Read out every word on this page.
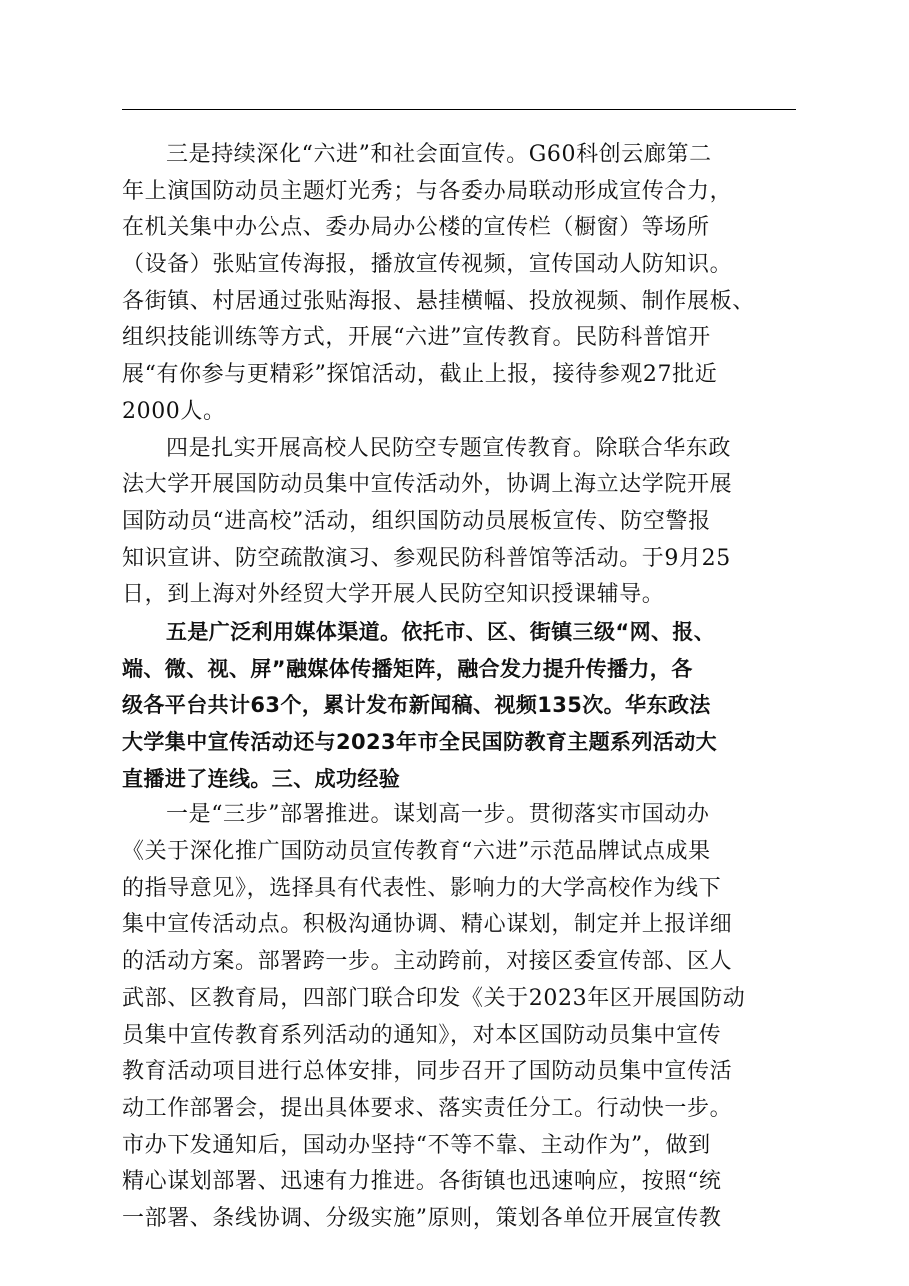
三是持续深化“六进”和社会面宣传。G60科创云廊第二
年上演国防动员主题灯光秀；与各委办局联动形成宣传合力，
在机关集中办公点、委办局办公楼的宣传栏（橱窗）等场所
（设备）张贴宣传海报，播放宣传视频，宣传国动人防知识。
各街镇、村居通过张贴海报、悬挂横幅、投放视频、制作展板、
组织技能训练等方式，开展“六进”宣传教育。民防科普馆开
展“有你参与更精彩”探馆活动，截止上报，接待参观27批近
2000人。
四是扎实开展高校人民防空专题宣传教育。除联合华东政
法大学开展国防动员集中宣传活动外，协调上海立达学院开展
国防动员“进高校”活动，组织国防动员展板宣传、防空警报
知识宣讲、防空疏散演习、参观民防科普馆等活动。于9月25
日，到上海对外经贸大学开展人民防空知识授课辅导。
五是广泛利用媒体渠道。依托市、区、街镇三级“网、报、
端、微、视、屏”融媒体传播矩阵，融合发力提升传播力，各
级各平台共计63个，累计发布新闻稿、视频135次。华东政法
大学集中宣传活动还与2023年市全民国防教育主题系列活动大
直播进了连线。三、成功经验
一是“三步”部署推进。谋划高一步。贯彻落实市国动办
《关于深化推广国防动员宣传教育“六进”示范品牌试点成果
的指导意见》，选择具有代表性、影响力的大学高校作为线下
集中宣传活动点。积极沟通协调、精心谋划，制定并上报详细
的活动方案。部署跨一步。主动跨前，对接区委宣传部、区人
武部、区教育局，四部门联合印发《关于2023年区开展国防动
员集中宣传教育系列活动的通知》，对本区国防动员集中宣传
教育活动项目进行总体安排，同步召开了国防动员集中宣传活
动工作部署会，提出具体要求、落实责任分工。行动快一步。
市办下发通知后，国动办坚持“不等不靠、主动作为”，做到
精心谋划部署、迅速有力推进。各街镇也迅速响应，按照“统
一部署、条线协调、分级实施”原则，策划各单位开展宣传教
